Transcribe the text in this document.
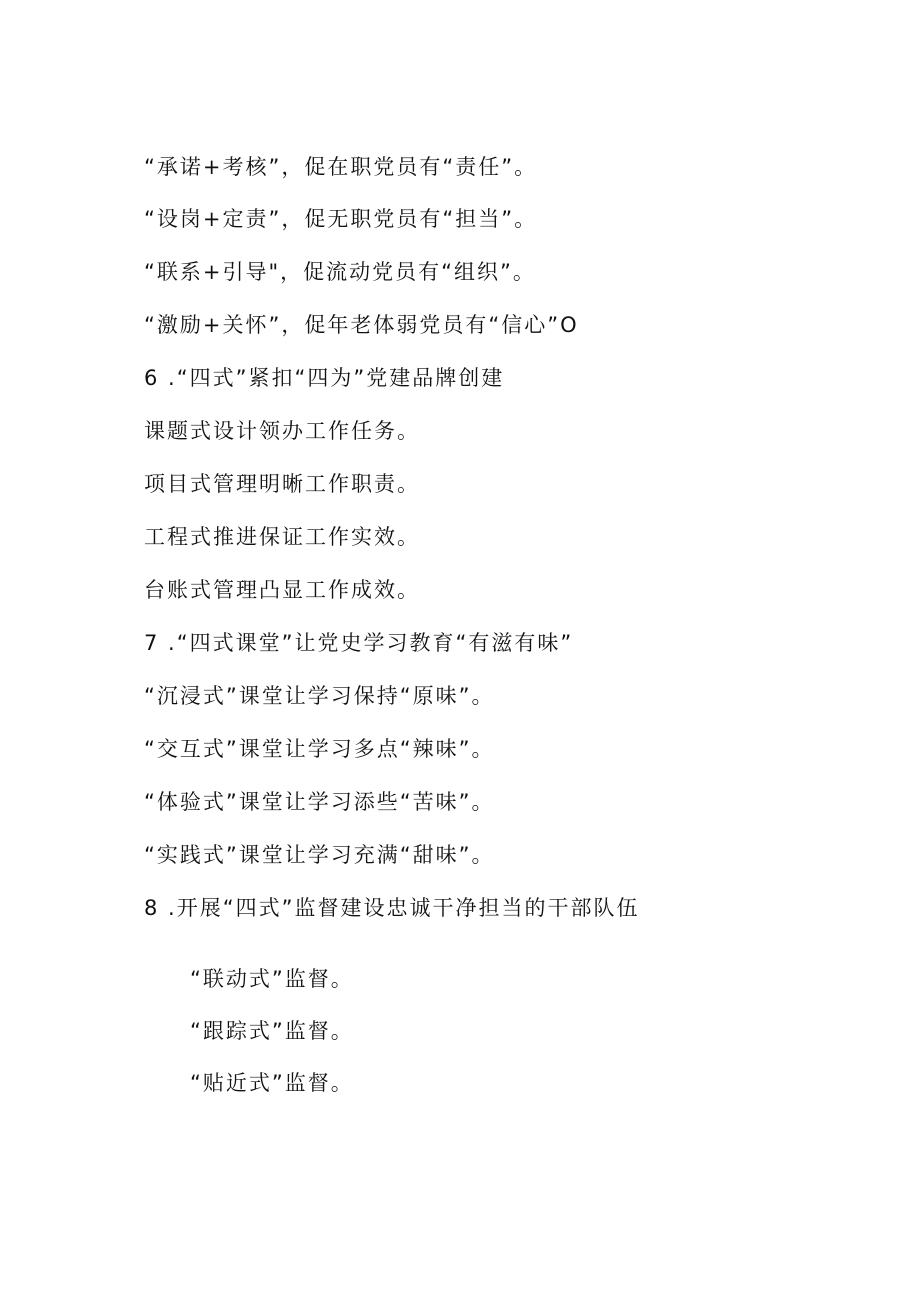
“承诺+考核”，促在职党员有“责任”。
“设岗+定责”，促无职党员有“担当”。
“联系+引导"，促流动党员有“组织”。
“激励+关怀”，促年老体弱党员有“信心”O
6 .“四式”紧扣“四为”党建品牌创建
课题式设计领办工作任务。
项目式管理明晰工作职责。
工程式推进保证工作实效。
台账式管理凸显工作成效。
7 .“四式课堂”让党史学习教育“有滋有味”
“沉浸式”课堂让学习保持“原味”。
“交互式”课堂让学习多点“辣味”。
“体验式”课堂让学习添些“苦味”。
“实践式”课堂让学习充满“甜味”。
8 .开展“四式”监督建设忠诚干净担当的干部队伍
“联动式”监督。
“跟踪式”监督。
“贴近式”监督。
